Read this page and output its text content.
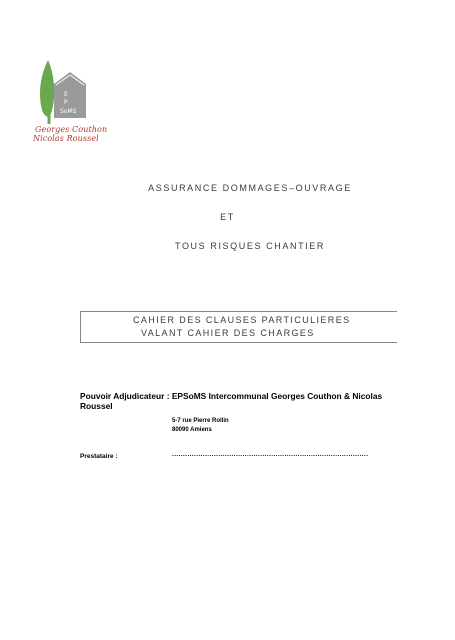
E
P
SoMS
Georges Couthon
Nicolas Roussel
ASSURANCE DOMMAGES–OUVRAGE
ET
TOUS RISQUES CHANTIER
CAHIER DES CLAUSES PARTICULIERES
VALANT CAHIER DES CHARGES
Pouvoir Adjudicateur : EPSoMS Intercommunal Georges Couthon & Nicolas Roussel
5-7 rue Pierre Rollin
80090 Amiens
Prestataire :	.........................................................................................
